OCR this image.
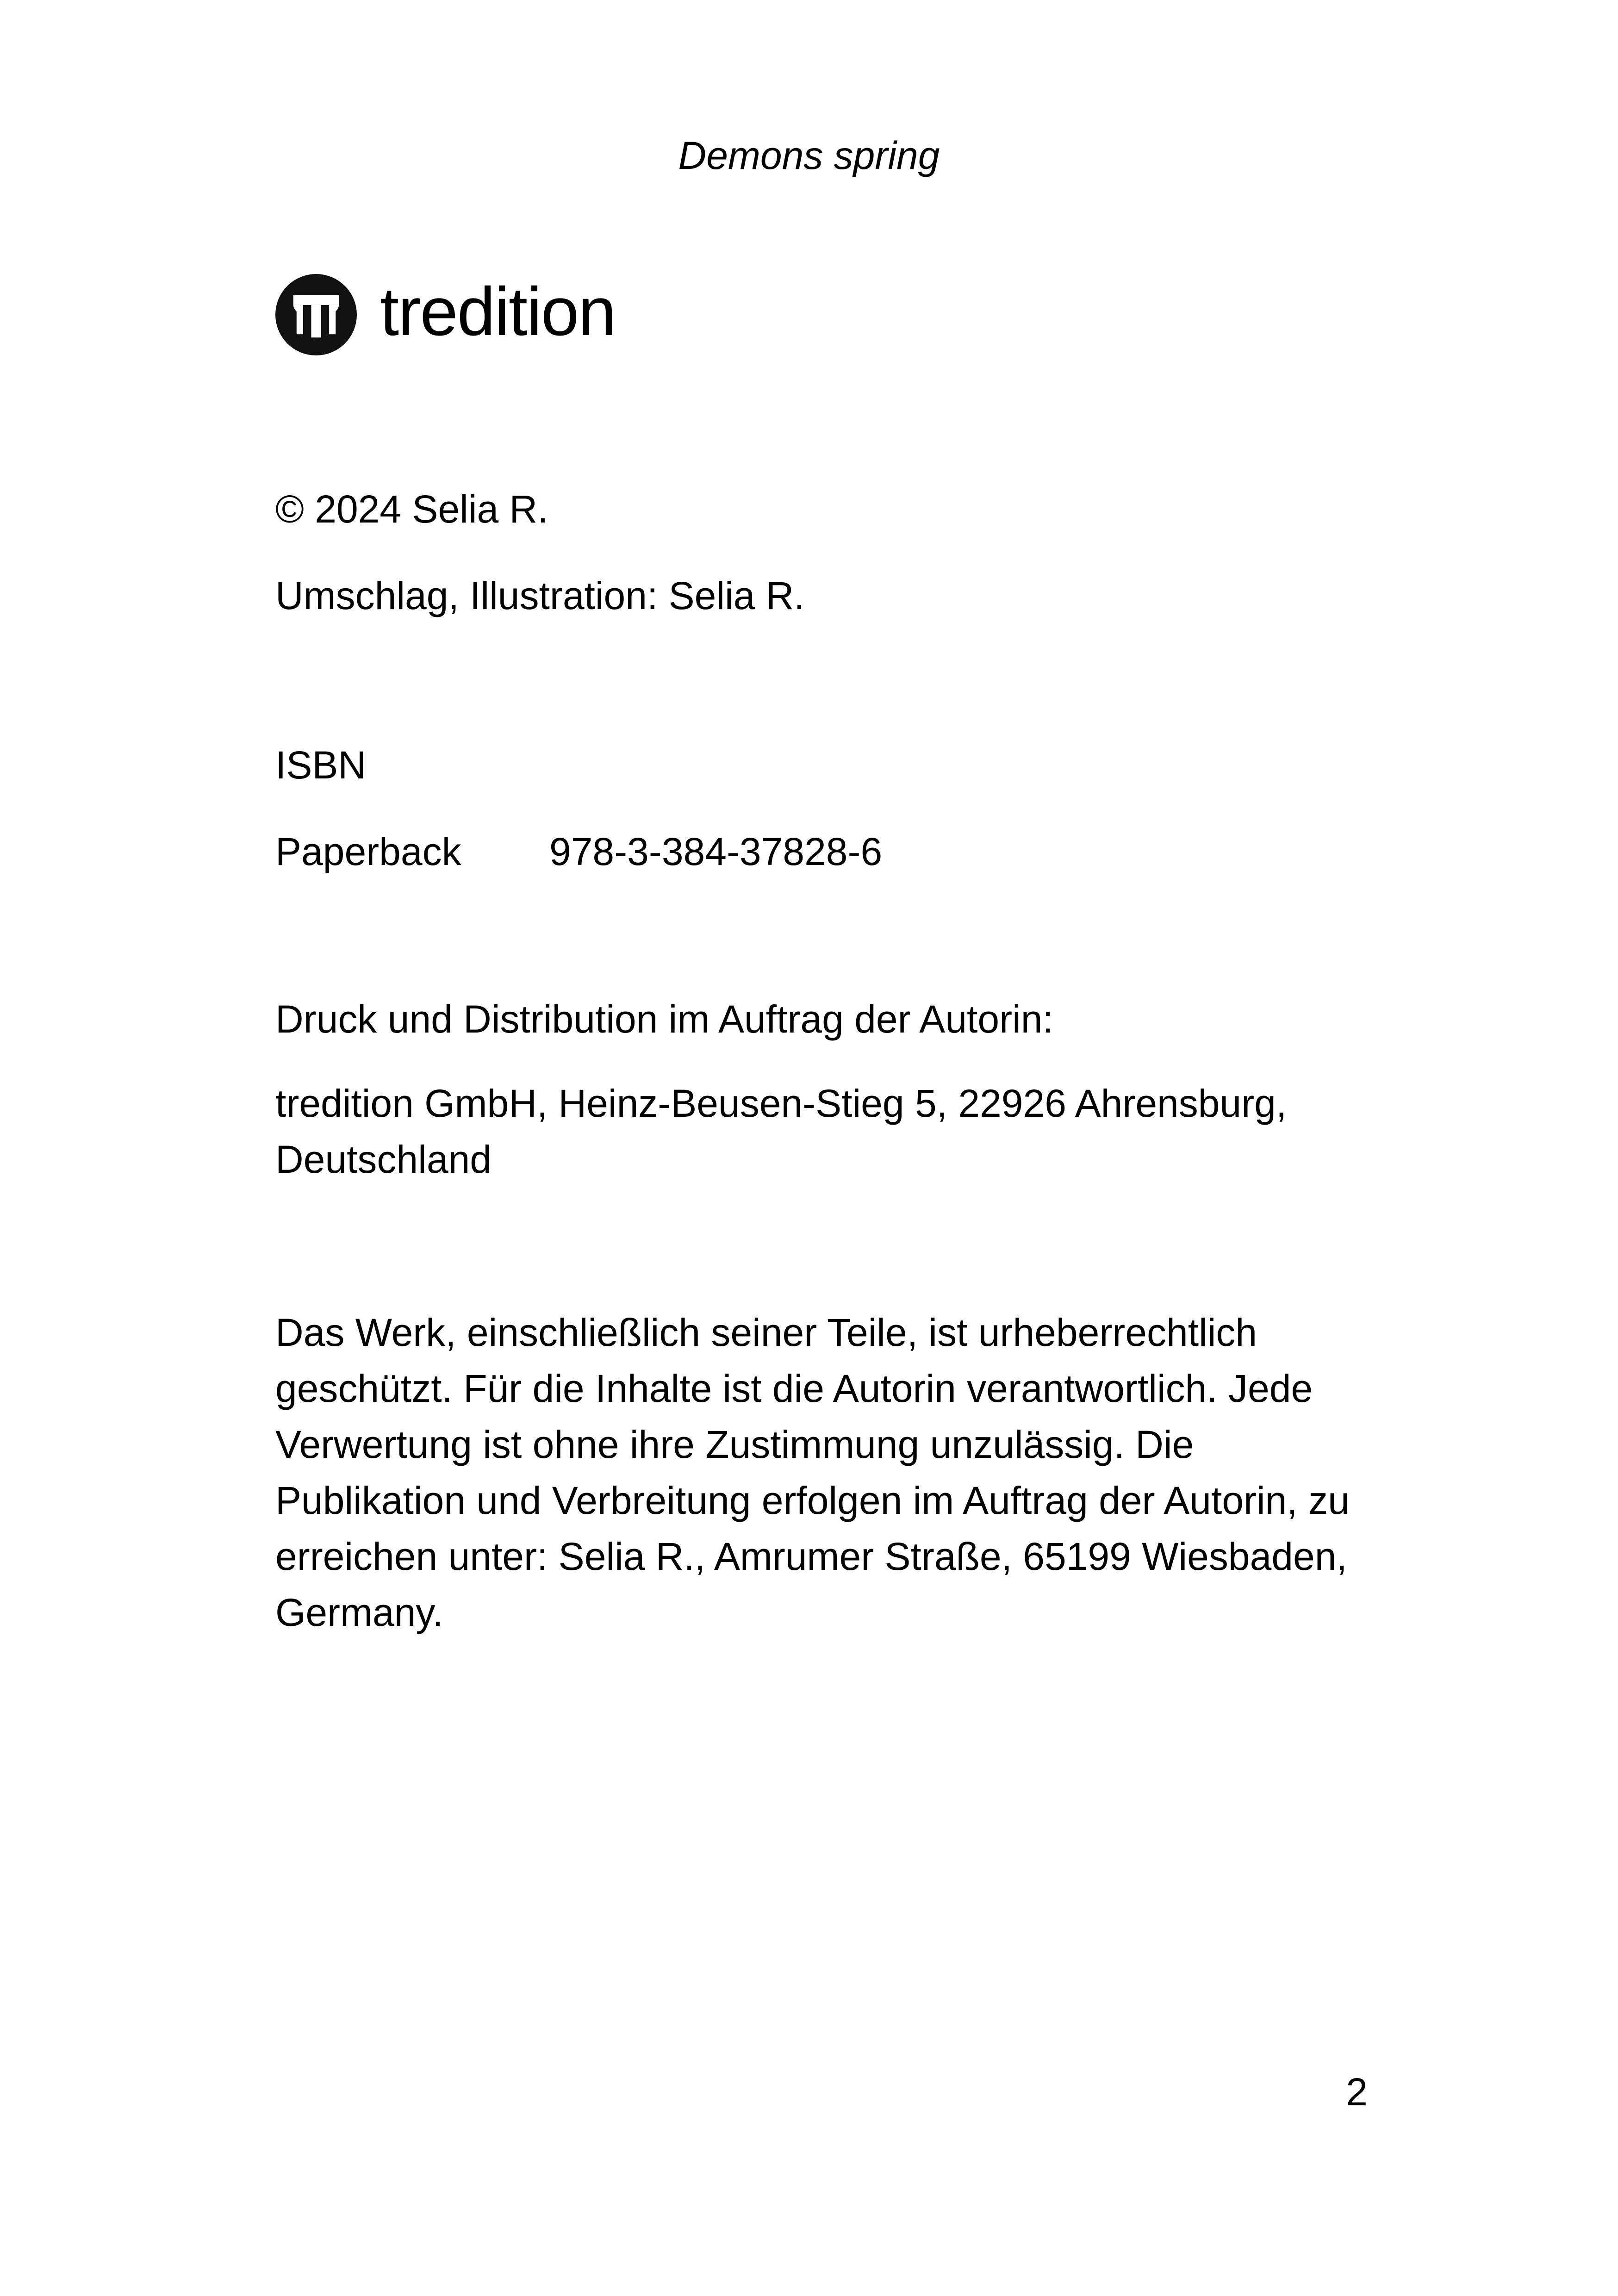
Demons spring
tredition
© 2024 Selia R.
Umschlag, Illustration: Selia R.
ISBN
Paperback 978-3-384-37828-6
Druck und Distribution im Auftrag der Autorin:

tredition GmbH, Heinz-Beusen-Stieg 5, 22926 Ahrensburg, Deutschland

Das Werk, einschließlich seiner Teile, ist urheberrechtlich geschützt. Für die Inhalte ist die Autorin verantwortlich. Jede Verwertung ist ohne ihre Zustimmung unzulässig. Die Publikation und Verbreitung erfolgen im Auftrag der Autorin, zu erreichen unter: Selia R., Amrumer Straße, 65199 Wiesbaden, Germany.

2
